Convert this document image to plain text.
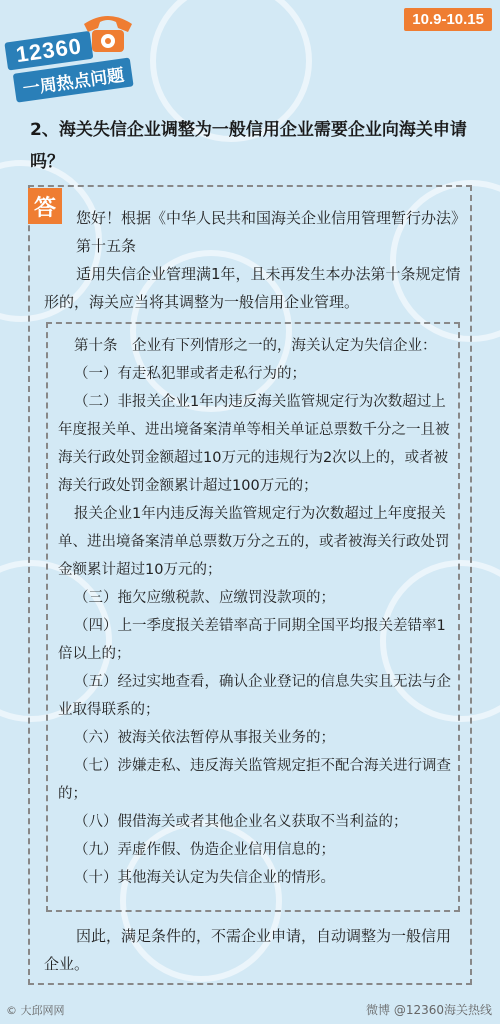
12360
一周热点问题
10.9-10.15
2、海关失信企业调整为一般信用企业需要企业向海关申请吗？
答	您好！根据《中华人民共和国海关企业信用管理暂行办法》第十五条
适用失信企业管理满1年，且未再发生本办法第十条规定情形的，海关应当将其调整为一般信用企业管理。
第十条　企业有下列情形之一的，海关认定为失信企业：
（一）有走私犯罪或者走私行为的；
（二）非报关企业1年内违反海关监管规定行为次数超过上年度报关单、进出境备案清单等相关单证总票数千分之一且被海关行政处罚金额超过10万元的违规行为2次以上的，或者被海关行政处罚金额累计超过100万元的；
报关企业1年内违反海关监管规定行为次数超过上年度报关单、进出境备案清单总票数万分之五的，或者被海关行政处罚金额累计超过10万元的；
（三）拖欠应缴税款、应缴罚没款项的；
（四）上一季度报关差错率高于同期全国平均报关差错率1倍以上的；
（五）经过实地查看，确认企业登记的信息失实且无法与企业取得联系的；
（六）被海关依法暂停从事报关业务的；
（七）涉嫌走私、违反海关监管规定拒不配合海关进行调查的；
（八）假借海关或者其他企业名义获取不当利益的；
（九）弄虚作假、伪造企业信用信息的；
（十）其他海关认定为失信企业的情形。
因此，满足条件的，不需企业申请，自动调整为一般信用企业。
© 大邱网网	微博 @12360海关热线
